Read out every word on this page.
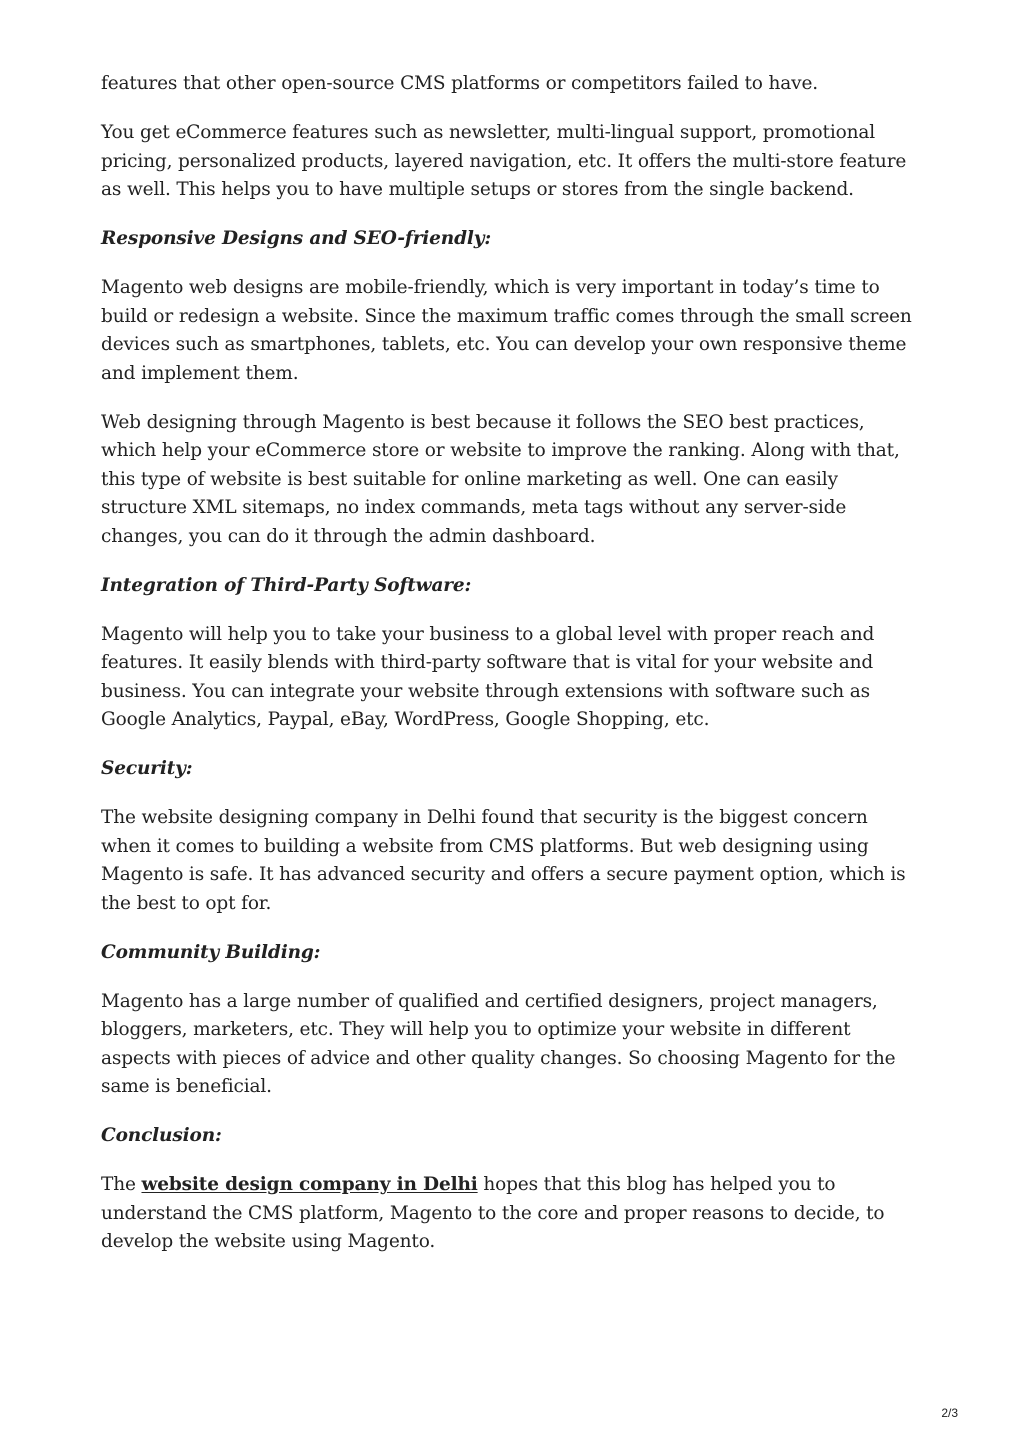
features that other open-source CMS platforms or competitors failed to have.

You get eCommerce features such as newsletter, multi-lingual support, promotional pricing, personalized products, layered navigation, etc. It offers the multi-store feature as well. This helps you to have multiple setups or stores from the single backend.

Responsive Designs and SEO-friendly:

Magento web designs are mobile-friendly, which is very important in today’s time to build or redesign a website. Since the maximum traffic comes through the small screen devices such as smartphones, tablets, etc. You can develop your own responsive theme and implement them.

Web designing through Magento is best because it follows the SEO best practices, which help your eCommerce store or website to improve the ranking. Along with that, this type of website is best suitable for online marketing as well. One can easily structure XML sitemaps, no index commands, meta tags without any server-side changes, you can do it through the admin dashboard.

Integration of Third-Party Software:

Magento will help you to take your business to a global level with proper reach and features. It easily blends with third-party software that is vital for your website and business. You can integrate your website through extensions with software such as Google Analytics, Paypal, eBay, WordPress, Google Shopping, etc.

Security:

The website designing company in Delhi found that security is the biggest concern when it comes to building a website from CMS platforms. But web designing using Magento is safe. It has advanced security and offers a secure payment option, which is the best to opt for.

Community Building:

Magento has a large number of qualified and certified designers, project managers, bloggers, marketers, etc. They will help you to optimize your website in different aspects with pieces of advice and other quality changes. So choosing Magento for the same is beneficial.

Conclusion:

The website design company in Delhi hopes that this blog has helped you to understand the CMS platform, Magento to the core and proper reasons to decide, to develop the website using Magento.

2/3
